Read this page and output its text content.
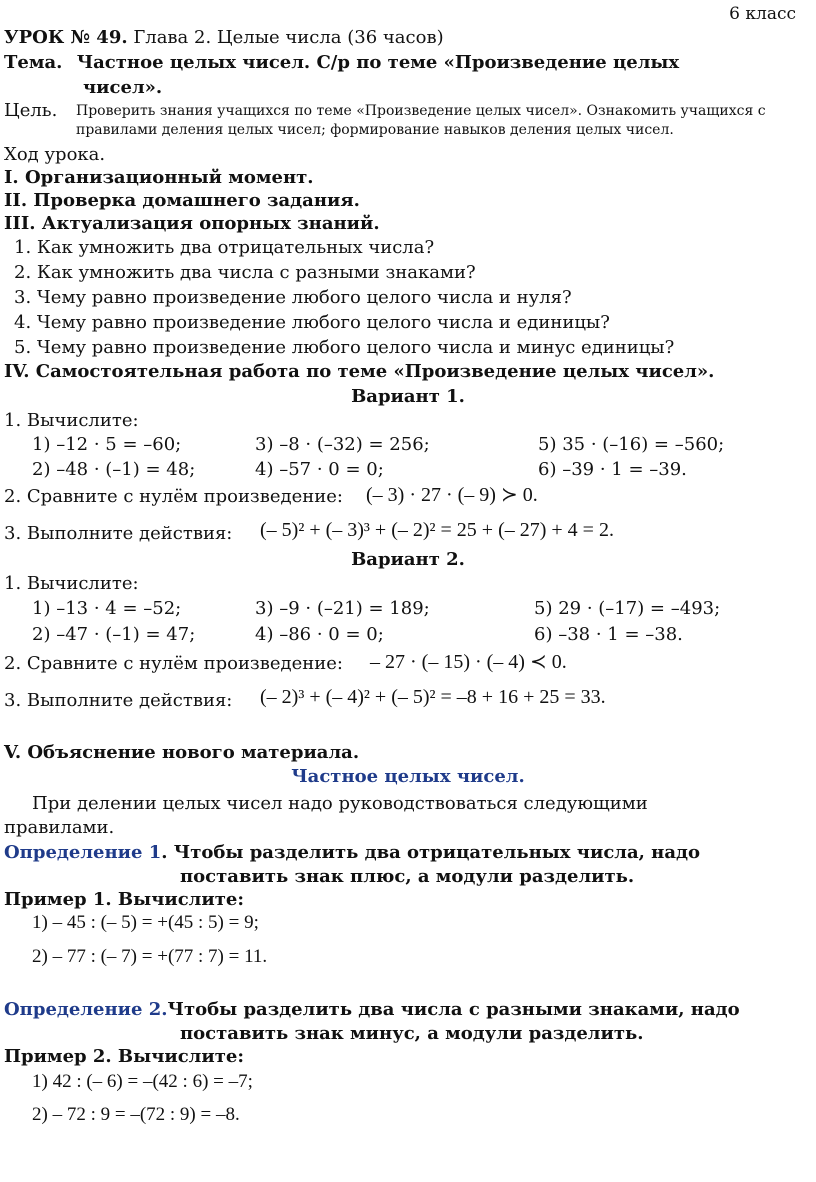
6 класс
УРОК № 49. Глава 2. Целые числа (36 часов)
Тема. Частное целых чисел. С/р по теме «Произведение целых
чисел».
Цель. Проверить знания учащихся по теме «Произведение целых чисел». Ознакомить учащихся с
правилами деления целых чисел; формирование навыков деления целых чисел.
Ход урока.
I. Организационный момент.
II. Проверка домашнего задания.
III. Актуализация опорных знаний.
1. Как умножить два отрицательных числа?
2. Как умножить два числа с разными знаками?
3. Чему равно произведение любого целого числа и нуля?
4. Чему равно произведение любого целого числа и единицы?
5. Чему равно произведение любого целого числа и минус единицы?
IV. Самостоятельная работа по теме «Произведение целых чисел».
Вариант 1.
1. Вычислите:
1) –12 · 5 = –60;	3) –8 · (–32) = 256;	5) 35 · (–16) = –560;
2) –48 · (–1) = 48;	4) –57 · 0 = 0;	6) –39 · 1 = –39.
2. Сравните с нулём произведение: (– 3) · 27 · (– 9) ≻ 0.
3. Выполните действия: (– 5)² + (– 3)³ + (– 2)² = 25 + (– 27) + 4 = 2.
Вариант 2.
1. Вычислите:
1) –13 · 4 = –52;	3) –9 · (–21) = 189;	5) 29 · (–17) = –493;
2) –47 · (–1) = 47;	4) –86 · 0 = 0;	6) –38 · 1 = –38.
2. Сравните с нулём произведение: – 27 · (– 15) · (– 4) ≺ 0.
3. Выполните действия: (– 2)³ + (– 4)² + (– 5)² = –8 + 16 + 25 = 33.
V. Объяснение нового материала.
Частное целых чисел.
При делении целых чисел надо руководствоваться следующими
правилами.
Определение 1. Чтобы разделить два отрицательных числа, надо
поставить знак плюс, а модули разделить.
Пример 1. Вычислите:
1) – 45 : (– 5) = +(45 : 5) = 9;
2) – 77 : (– 7) = +(77 : 7) = 11.
Определение 2.Чтобы разделить два числа с разными знаками, надо
поставить знак минус, а модули разделить.
Пример 2. Вычислите:
1) 42 : (– 6) = –(42 : 6) = –7;
2) – 72 : 9 = –(72 : 9) = –8.
